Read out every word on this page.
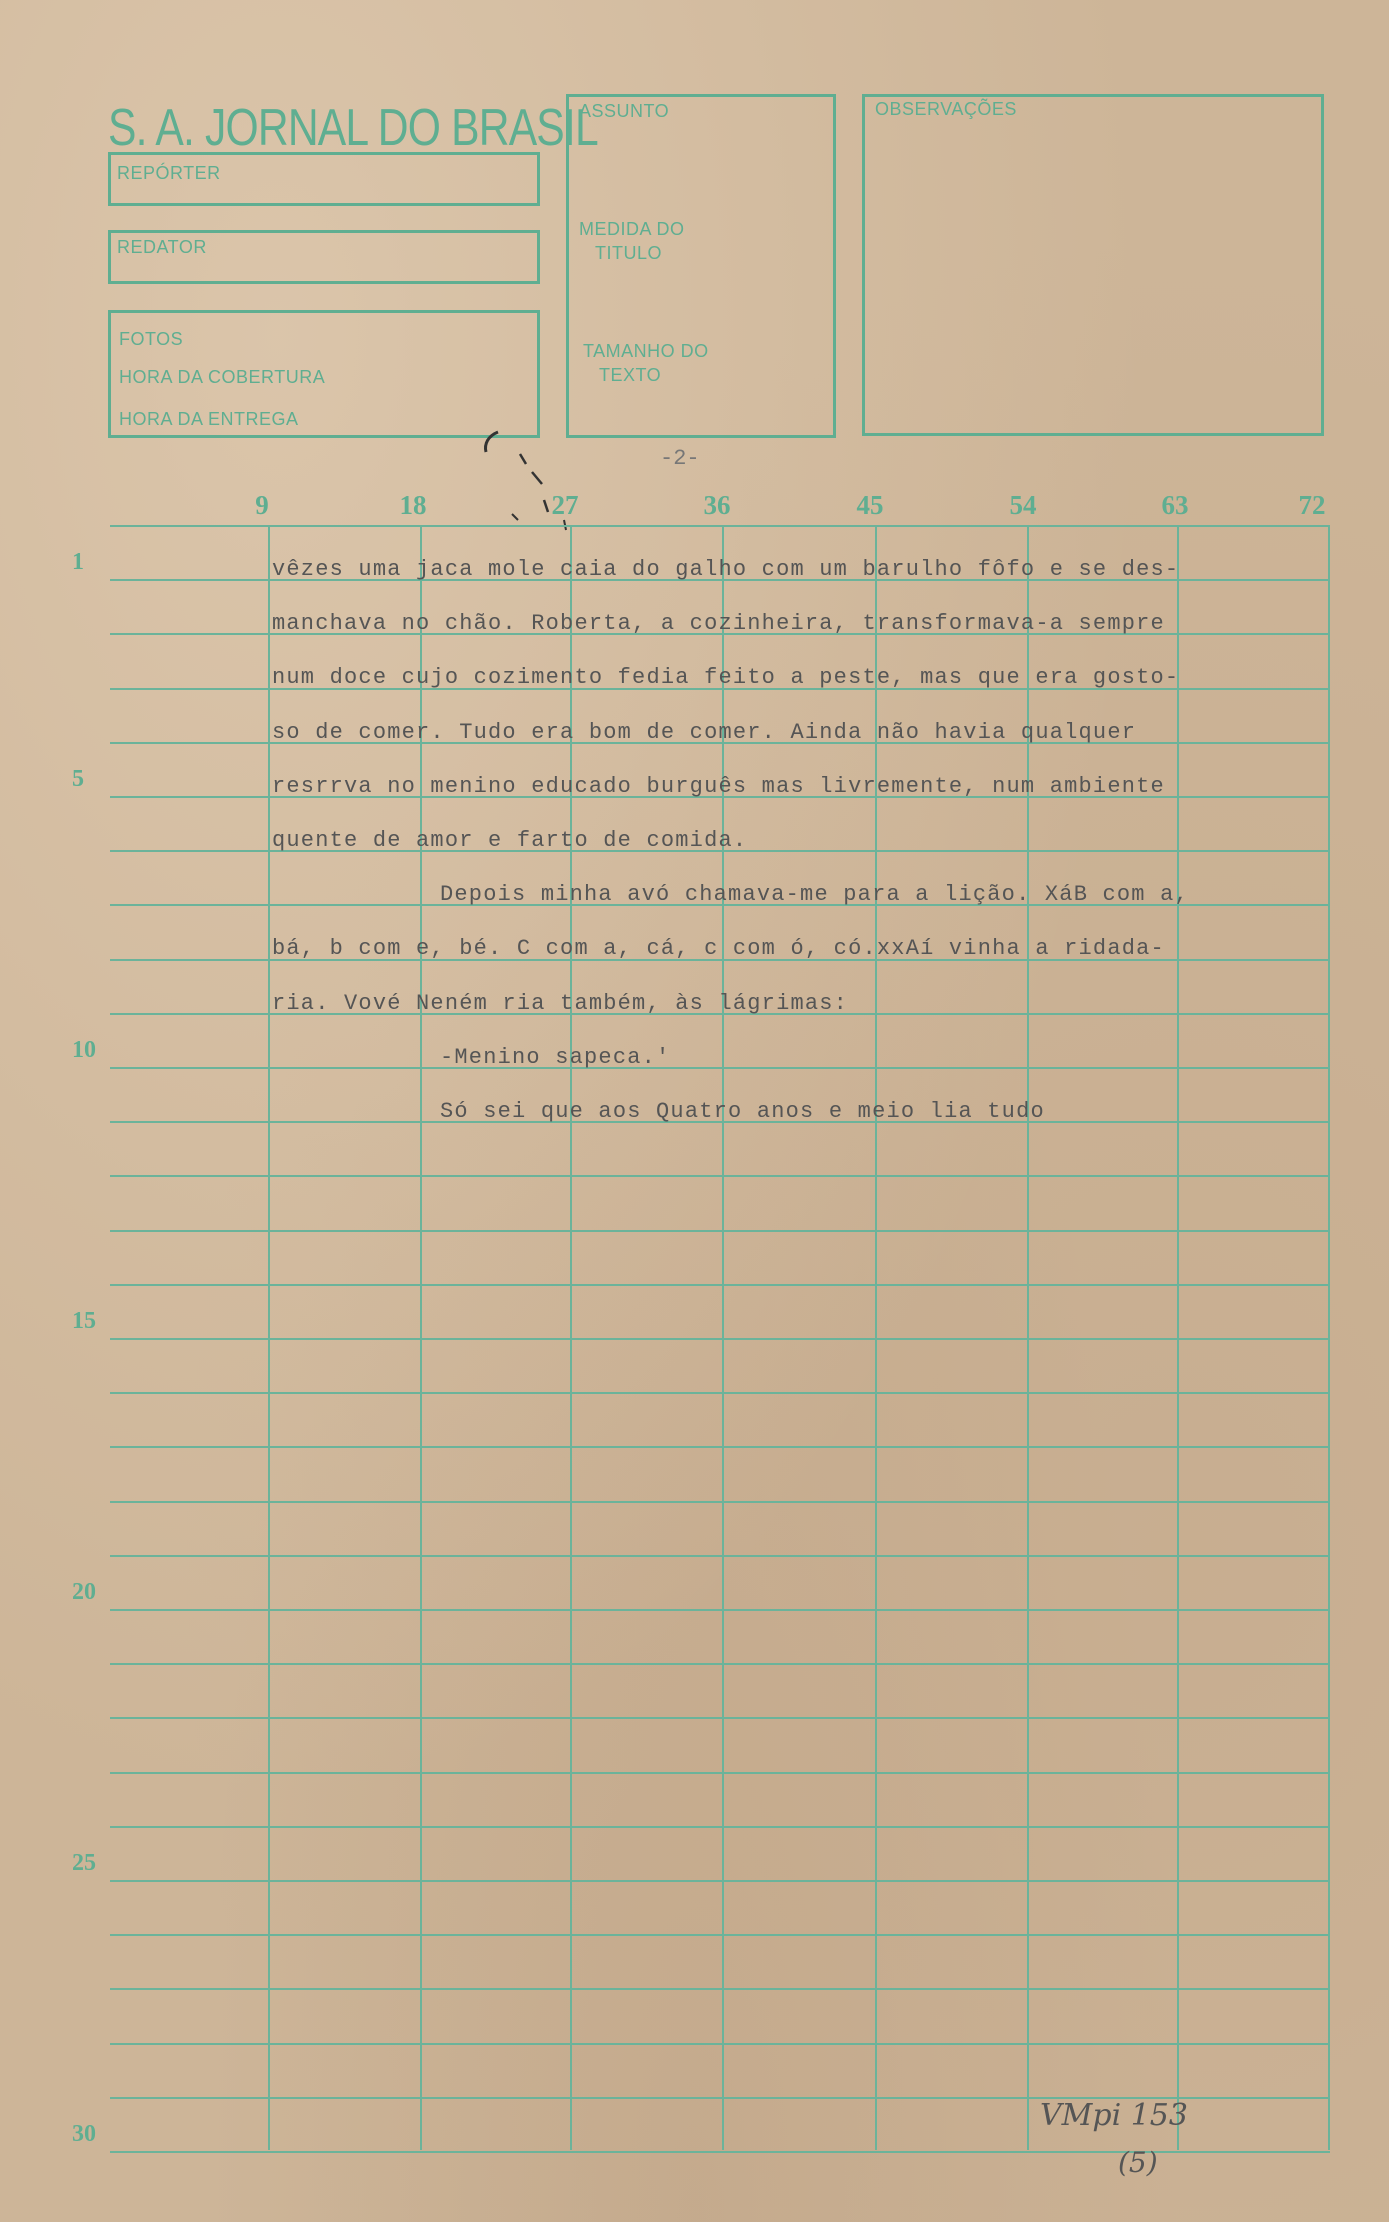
S. A. JORNAL DO BRASIL
REPÓRTER
REDATOR
FOTOS
HORA DA COBERTURA
HORA DA ENTREGA
ASSUNTO
MEDIDA DO
TITULO
TAMANHO DO
TEXTO
OBSERVAÇÕES
-2-
9	18	27	36	45	54	63	72
1
5
10
15
20
25
30
vêzes uma jaca mole caia do galho com um barulho fôfo e se des-
manchava no chão. Roberta, a cozinheira, transformava-a sempre
num doce cujo cozimento fedia feito a peste, mas que era gosto-
so de comer. Tudo era bom de comer. Ainda não havia qualquer
resrrva no menino educado burguês mas livremente, num ambiente
quente de amor e farto de comida.
Depois minha avó chamava-me para a lição. XáB com a,
bá, b com e, bé. C com a, cá, c com ó, có.xxAí vinha a ridada-
ria. Vové Neném ria também, às lágrimas:
-Menino sapeca.'
Só sei que aos Quatro anos e meio lia tudo
VMpi 153
(5)
